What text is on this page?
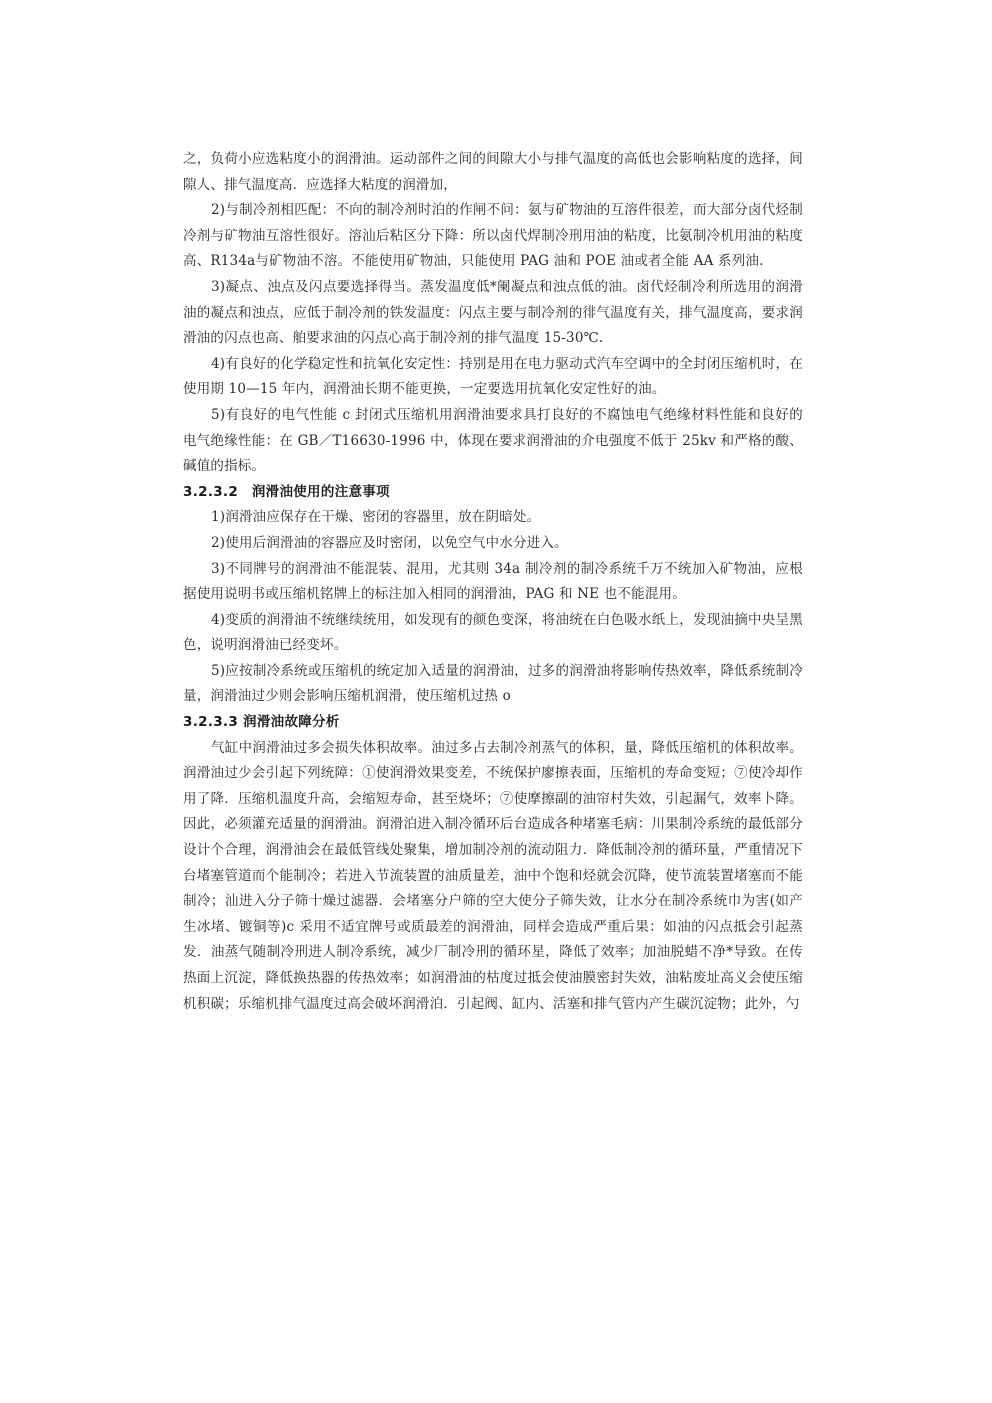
之，负荷小应选粘度小的润滑油。运动部件之间的间隙大小与排气温度的高低也会影响粘度的选择，间隙人、排气温度高．应选择大粘度的润滑加，

2)与制冷剂相匹配：不向的制冷剂时泊的作闸不问：氨与矿物油的互溶件很差，而大部分卤代烃制冷剂与矿物油互溶性很好。溶汕后粘区分下降：所以卤代焊制冷刑用油的粘度，比氨制冷机用油的粘度高、R134a与矿物油不溶。不能使用矿物油，只能使用 PAG 油和 POE 油或者全能 AA 系列油.

3)凝点、浊点及闪点要选择得当。蒸发温度低*阑凝点和浊点低的油。卤代烃制冷利所选用的润滑油的凝点和浊点，应低于制冷剂的铁发温度：闪点主要与制冷剂的徘气温度有关，排气温度高，要求润滑油的闪点也高、舶要求油的闪点心高于制冷剂的排气温度 15-30℃.

4)有良好的化学稳定性和抗氧化安定性：持别是用在电力驱动式汽车空调中的全封闭压缩机时，在使用期 10—15 年内，润滑油长期不能更换，一定要选用抗氧化安定性好的油。

5)有良好的电气性能 c 封闭式压缩机用润滑油要求具打良好的不腐蚀电气绝缘材料性能和良好的电气绝缘性能：在 GB／T16630-1996 中，体现在要求润滑油的介电强度不低于 25kv 和严格的酸、碱值的指标。

3.2.3.2　润滑油使用的注意事项

1)润滑油应保存在干燥、密闭的容器里，放在阴暗处。

2)使用后润滑油的容器应及时密闭，以免空气中水分进入。

3)不同牌号的润滑油不能混装、混用，尤其则 34a 制冷剂的制冷系统千万不统加入矿物油，应根据使用说明书或压缩机铭牌上的标注加入相同的润滑油，PAG 和 NE 也不能混用。

4)变质的润滑油不统继续统用，如发现有的颜色变深，将油统在白色吸水纸上，发现油摘中央呈黑色，说明润滑油已经变坏。

5)应按制冷系统或压缩机的统定加入适量的润滑油，过多的润滑油将影响传热效率，降低系统制冷量，润滑油过少则会影响压缩机润滑，使压缩机过热 o

3.2.3.3 润滑油故障分析

气缸中润滑油过多会损失体积故率。油过多占去制冷剂蒸气的体积，量，降低压缩机的体积故率。润滑油过少会引起下列统障：①使润滑效果变差，不统保护廖擦表面，压缩机的寿命变短；⑦使冷却作用了降．压缩机温度升高，会缩短寿命，甚至烧坏；⑦使摩擦副的油帘村失效，引起漏气，效率卜降。因此，必须灌充适量的润滑油。润滑泊进入制冷循环后台造成各种堵塞毛病：川果制冷系统的最低部分设计个合理，润滑油会在最低管线处聚集，增加制冷剂的流动阻力．降低制冷剂的循环量，严重情况下台堵塞管道而个能制冷；若进入节流装置的油质量差，油中个饱和烃就会沉降，使节流装置堵塞而不能制冷；汕进入分子筛十燥过滤器．会堵塞分户筛的空大使分子筛失效，让水分在制冷系统巾为害(如产生冰堵、镀铜等)c 采用不适宜牌号或质最差的润滑油，同样会造成严重后果：如油的闪点抵会引起蒸发．油蒸气随制冷刑进人制冷系统，减少厂制冷刑的循环星，降低了效率；加油脱蜡不净*导致。在传热面上沉淀，降低换热器的传热效率；如润滑油的枯度过抵会使油膜密封失效，油粘废址高义会使压缩机积碳；乐缩机排气温度过高会破坏润滑泊．引起阀、缸内、活塞和排气管内产生碳沉淀物；此外，勺
